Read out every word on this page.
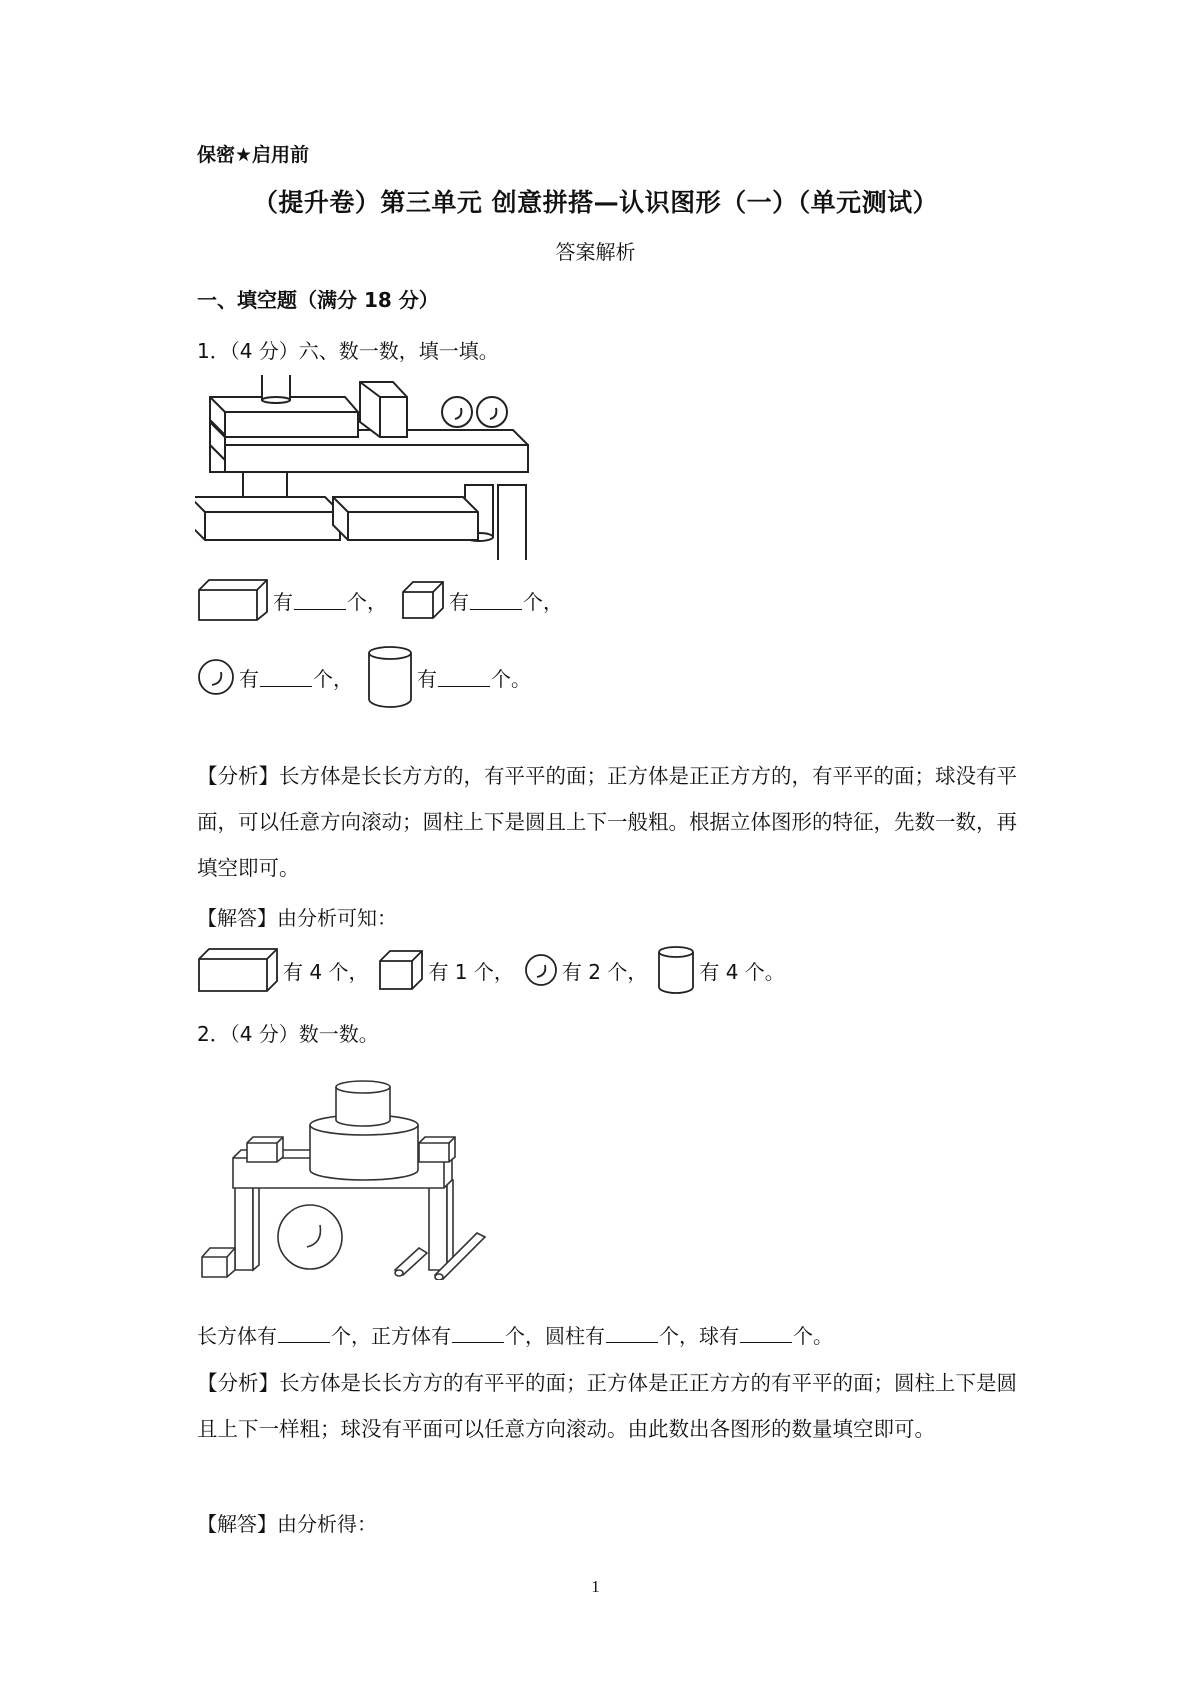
保密★启用前
（提升卷）第三单元 创意拼搭—认识图形（一）（单元测试）
答案解析
一、填空题（满分 18 分）
1．（4 分）六、数一数，填一填。
有	个，	有	个，
有	个，	有	个。
【分析】长方体是长长方方的，有平平的面；正方体是正正方方的，有平平的面；球没有平面，可以任意方向滚动；圆柱上下是圆且上下一般粗。根据立体图形的特征，先数一数，再填空即可。
【解答】由分析可知：
有 4 个，	有 1 个， 有 2 个，	有 4 个。
2．（4 分）数一数。
长方体有	个，正方体有	个，圆柱有	个，球有	个。
【分析】长方体是长长方方的有平平的面；正方体是正正方方的有平平的面；圆柱上下是圆且上下一样粗；球没有平面可以任意方向滚动。由此数出各图形的数量填空即可。
【解答】由分析得：
1
